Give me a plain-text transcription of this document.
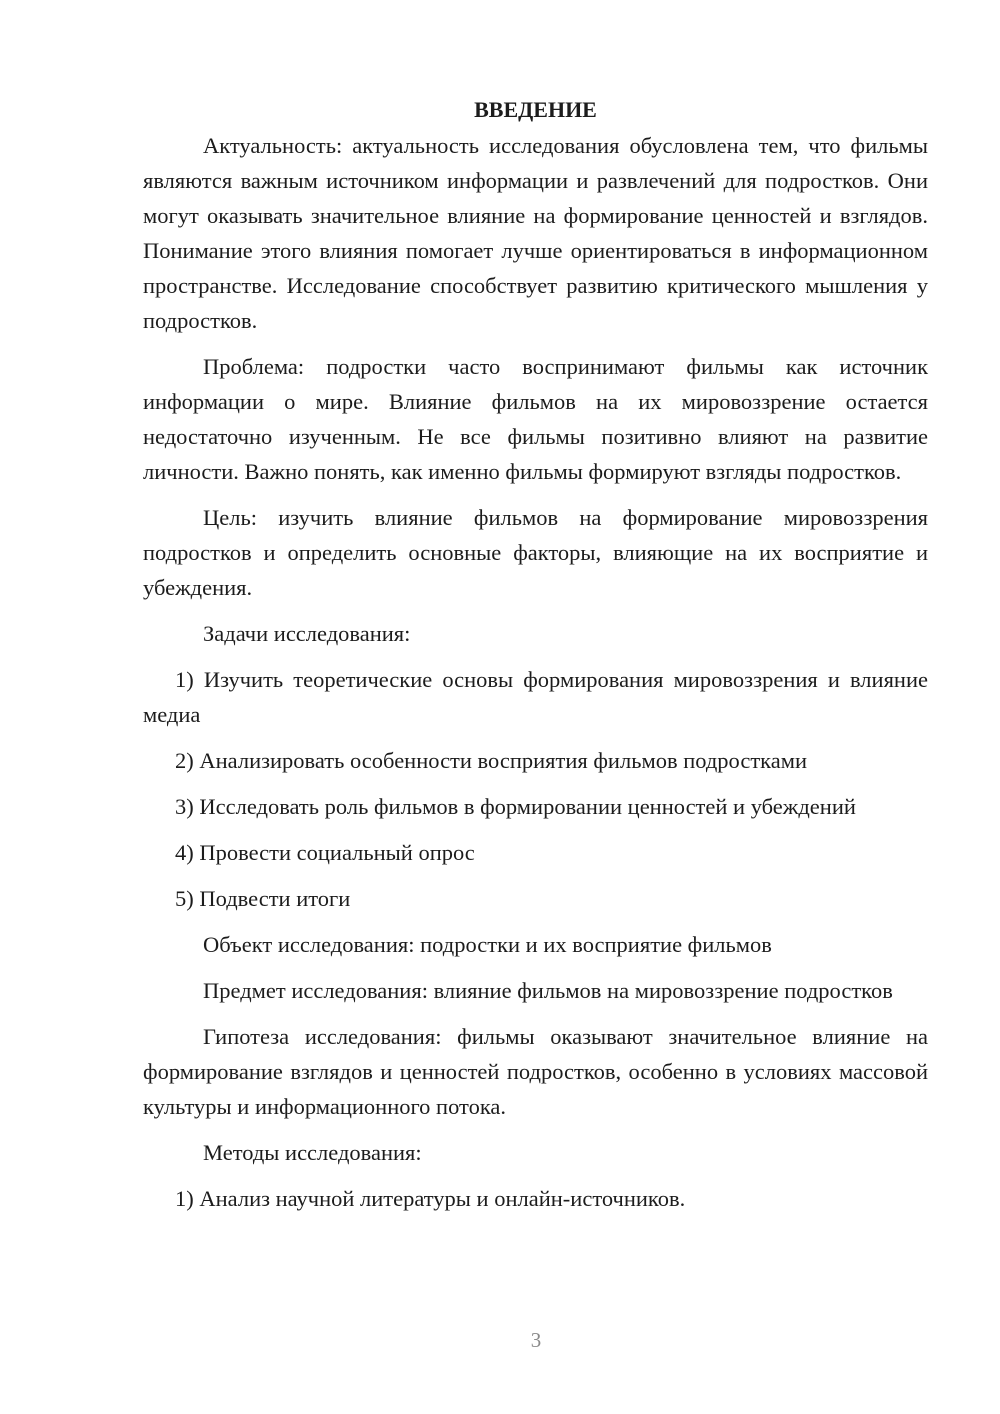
ВВЕДЕНИЕ

Актуальность: актуальность исследования обусловлена тем, что фильмы являются важным источником информации и развлечений для подростков. Они могут оказывать значительное влияние на формирование ценностей и взглядов. Понимание этого влияния помогает лучше ориентироваться в информационном пространстве. Исследование способствует развитию критического мышления у подростков.

Проблема: подростки часто воспринимают фильмы как источник информации о мире. Влияние фильмов на их мировоззрение остается недостаточно изученным. Не все фильмы позитивно влияют на развитие личности. Важно понять, как именно фильмы формируют взгляды подростков.

Цель: изучить влияние фильмов на формирование мировоззрения подростков и определить основные факторы, влияющие на их восприятие и убеждения.

Задачи исследования:

1) Изучить теоретические основы формирования мировоззрения и влияние медиа

2) Анализировать особенности восприятия фильмов подростками

3) Исследовать роль фильмов в формировании ценностей и убеждений

4) Провести социальный опрос

5) Подвести итоги

Объект исследования: подростки и их восприятие фильмов

Предмет исследования: влияние фильмов на мировоззрение подростков

Гипотеза исследования: фильмы оказывают значительное влияние на формирование взглядов и ценностей подростков, особенно в условиях массовой культуры и информационного потока.

Методы исследования:

1) Анализ научной литературы и онлайн-источников.

3
